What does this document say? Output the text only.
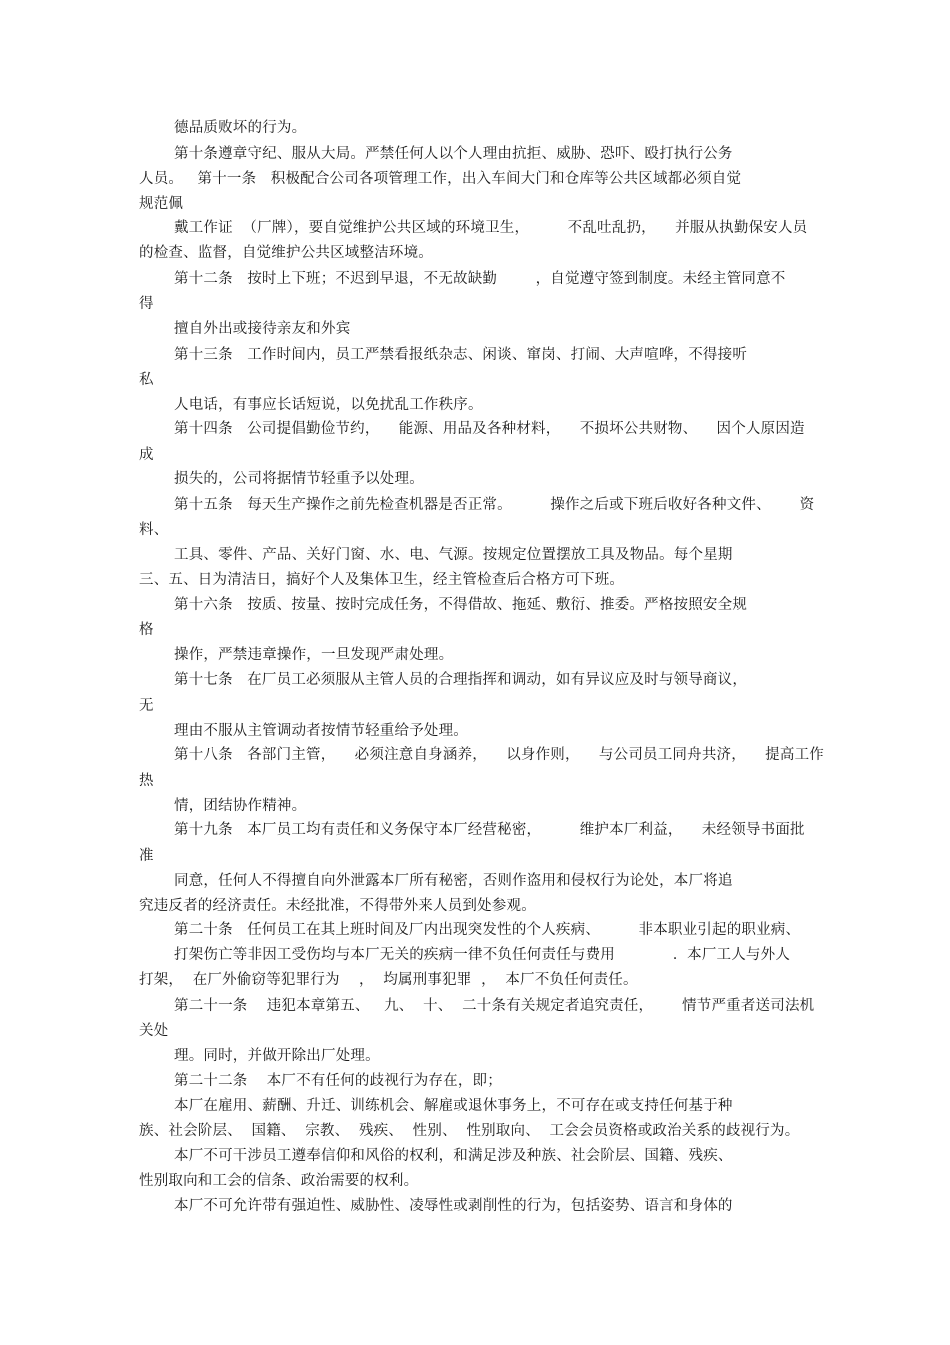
德品质败坏的行为。
第十条遵章守纪、服从大局。严禁任何人以个人理由抗拒、威胁、恐吓、殴打执行公务
人员。   第十一条   积极配合公司各项管理工作，出入车间大门和仓库等公共区域都必须自觉
规范佩
戴工作证  （厂牌），要自觉维护公共区域的环境卫生，        不乱吐乱扔，    并服从执勤保安人员
的检查、监督，自觉维护公共区域整洁环境。
第十二条   按时上下班；不迟到早退，不无故缺勤        ，自觉遵守签到制度。未经主管同意不
得
擅自外出或接待亲友和外宾
第十三条   工作时间内，员工严禁看报纸杂志、闲谈、窜岗、打闹、大声喧哗，不得接听
私
人电话，有事应长话短说，以免扰乱工作秩序。
第十四条   公司提倡勤俭节约，    能源、用品及各种材料，    不损坏公共财物、    因个人原因造
成
损失的，公司将据情节轻重予以处理。
第十五条   每天生产操作之前先检查机器是否正常。        操作之后或下班后收好各种文件、      资
料、
工具、零件、产品、关好门窗、水、电、气源。按规定位置摆放工具及物品。每个星期
三、五、日为清洁日，搞好个人及集体卫生，经主管检查后合格方可下班。
第十六条   按质、按量、按时完成任务，不得借故、拖延、敷衍、推委。严格按照安全规
格
操作，严禁违章操作，一旦发现严肃处理。
第十七条   在厂员工必须服从主管人员的合理指挥和调动，如有异议应及时与领导商议，
无
理由不服从主管调动者按情节轻重给予处理。
第十八条   各部门主管，    必须注意自身涵养，    以身作则，    与公司员工同舟共济，    提高工作
热
情，团结协作精神。
第十九条   本厂员工均有责任和义务保守本厂经营秘密，        维护本厂利益，    未经领导书面批
准
同意，任何人不得擅自向外泄露本厂所有秘密，否则作盗用和侵权行为论处，本厂将追
究违反者的经济责任。未经批准，不得带外来人员到处参观。
第二十条   任何员工在其上班时间及厂内出现突发性的个人疾病、        非本职业引起的职业病、
打架伤亡等非因工受伤均与本厂无关的疾病一律不负任何责任与费用            .  本厂工人与外人
打架，  在厂外偷窃等犯罪行为    ，  均属刑事犯罪  ，  本厂不负任何责任。
第二十一条    违犯本章第五、   九、  十、  二十条有关规定者追究责任，      情节严重者送司法机
关处
理。同时，并做开除出厂处理。
第二十二条    本厂不有任何的歧视行为存在，即；
本厂在雇用、薪酬、升迁、训练机会、解雇或退休事务上，不可存在或支持任何基于种
族、社会阶层、  国籍、  宗教、  残疾、  性别、  性别取向、  工会会员资格或政治关系的歧视行为。
本厂不可干涉员工遵奉信仰和风俗的权利，和满足涉及种族、社会阶层、国籍、残疾、
性别取向和工会的信条、政治需要的权利。
本厂不可允许带有强迫性、威胁性、凌辱性或剥削性的行为，包括姿势、语言和身体的
